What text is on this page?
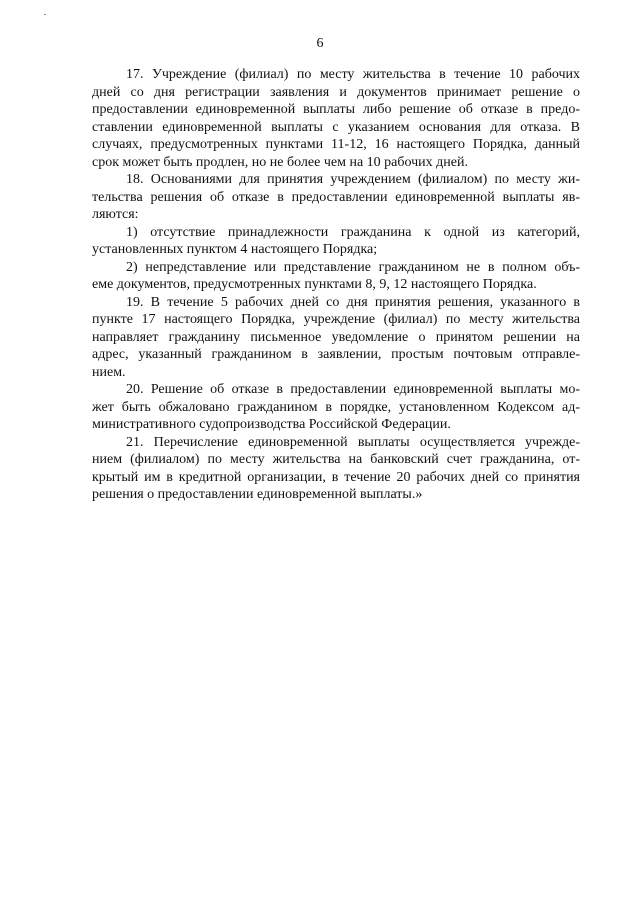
6
17. Учреждение (филиал) по месту жительства в течение 10 рабочих
дней со дня регистрации заявления и документов принимает решение о
предоставлении единовременной выплаты либо решение об отказе в предо-
ставлении единовременной выплаты с указанием основания для отказа. В
случаях, предусмотренных пунктами 11-12, 16 настоящего Порядка, данный
срок может быть продлен, но не более чем на 10 рабочих дней.
18. Основаниями для принятия учреждением (филиалом) по месту жи-
тельства решения об отказе в предоставлении единовременной выплаты яв-
ляются:
1) отсутствие принадлежности гражданина к одной из категорий,
установленных пунктом 4 настоящего Порядка;
2) непредставление или представление гражданином не в полном объ-
еме документов, предусмотренных пунктами 8, 9, 12 настоящего Порядка.
19. В течение 5 рабочих дней со дня принятия решения, указанного в
пункте 17 настоящего Порядка, учреждение (филиал) по месту жительства
направляет гражданину письменное уведомление о принятом решении на
адрес, указанный гражданином в заявлении, простым почтовым отправле-
нием.
20. Решение об отказе в предоставлении единовременной выплаты мо-
жет быть обжаловано гражданином в порядке, установленном Кодексом ад-
министративного судопроизводства Российской Федерации.
21. Перечисление единовременной выплаты осуществляется учрежде-
нием (филиалом) по месту жительства на банковский счет гражданина, от-
крытый им в кредитной организации, в течение 20 рабочих дней со принятия
решения о предоставлении единовременной выплаты.»
